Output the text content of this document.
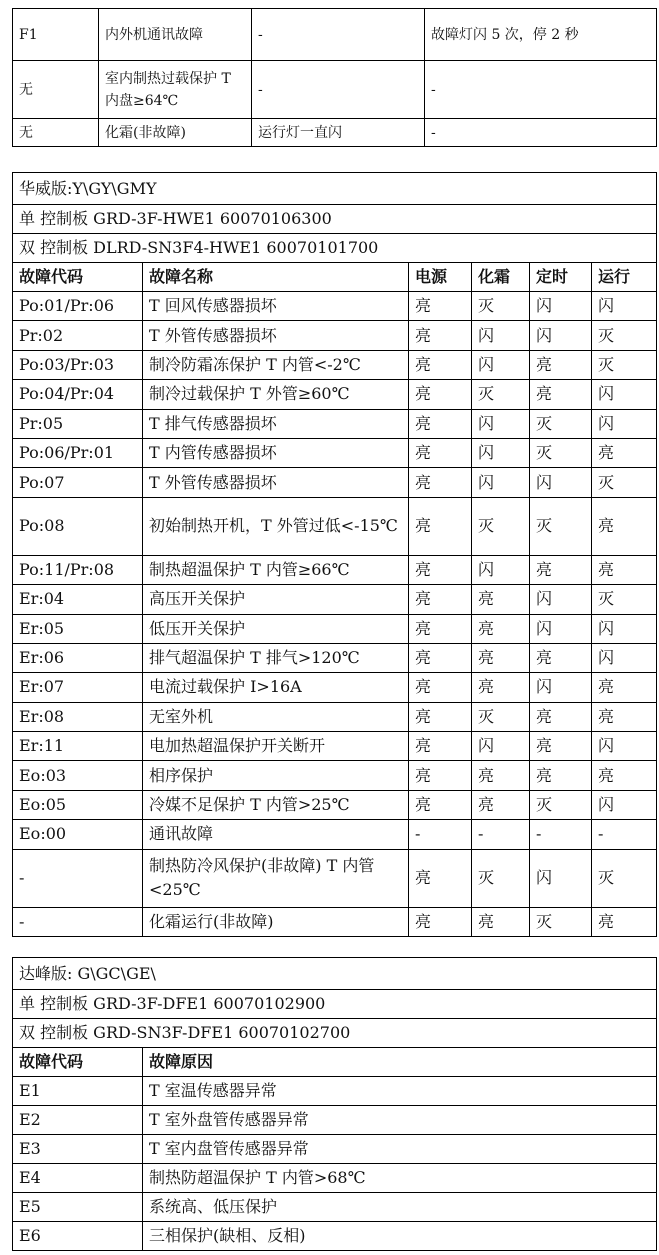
F1	内外机通讯故障	-	故障灯闪 5 次，停 2 秒
无	室内制热过载保护 T 内盘≥64℃	-	-
无	化霜(非故障)	运行灯一直闪	-
华威版:Y\GY\GMY					
单 控制板 GRD-3F-HWE1 60070106300					
双 控制板 DLRD-SN3F4-HWE1 60070101700					
故障代码	故障名称	电源	化霜	定时	运行
Po:01/Pr:06	T 回风传感器损坏	亮	灭	闪	闪
Pr:02	T 外管传感器损坏	亮	闪	闪	灭
Po:03/Pr:03	制冷防霜冻保护 T 内管<-2℃	亮	闪	亮	灭
Po:04/Pr:04	制冷过载保护 T 外管≥60℃	亮	灭	亮	闪
Pr:05	T 排气传感器损坏	亮	闪	灭	闪
Po:06/Pr:01	T 内管传感器损坏	亮	闪	灭	亮
Po:07	T 外管传感器损坏	亮	闪	闪	灭
Po:08	初始制热开机，T 外管过低<-15℃	亮	灭	灭	亮
Po:11/Pr:08	制热超温保护 T 内管≥66℃	亮	闪	亮	亮
Er:04	高压开关保护	亮	亮	闪	灭
Er:05	低压开关保护	亮	亮	闪	闪
Er:06	排气超温保护 T 排气>120℃	亮	亮	亮	闪
Er:07	电流过载保护 I>16A	亮	亮	闪	亮
Er:08	无室外机	亮	灭	亮	亮
Er:11	电加热超温保护开关断开	亮	闪	亮	闪
Eo:03	相序保护	亮	亮	亮	亮
Eo:05	冷媒不足保护 T 内管>25℃	亮	亮	灭	闪
Eo:00	通讯故障	-	-	-	-
-	制热防冷风保护(非故障) T 内管<25℃	亮	灭	闪	灭
-	化霜运行(非故障)	亮	亮	灭	亮
达峰版: G\GC\GE\	
单 控制板 GRD-3F-DFE1 60070102900	
双 控制板 GRD-SN3F-DFE1 60070102700	
故障代码	故障原因
E1	T 室温传感器异常
E2	T 室外盘管传感器异常
E3	T 室内盘管传感器异常
E4	制热防超温保护 T 内管>68℃
E5	系统高、低压保护
E6	三相保护(缺相、反相)
